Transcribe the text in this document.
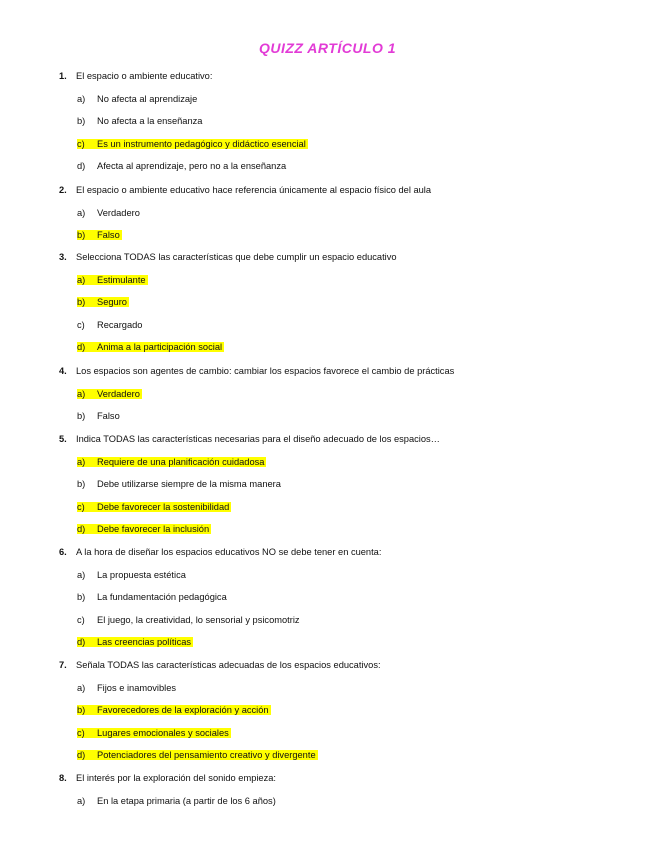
QUIZZ ARTÍCULO 1
1. El espacio o ambiente educativo:
a) No afecta al aprendizaje
b) No afecta a la enseñanza
c) Es un instrumento pedagógico y didáctico esencial
d) Afecta al aprendizaje, pero no a la enseñanza
2. El espacio o ambiente educativo hace referencia únicamente al espacio físico del aula
a) Verdadero
b) Falso
3. Selecciona TODAS las características que debe cumplir un espacio educativo
a) Estimulante
b) Seguro
c) Recargado
d) Anima a la participación social
4. Los espacios son agentes de cambio: cambiar los espacios favorece el cambio de prácticas
a) Verdadero
b) Falso
5. Indica TODAS las características necesarias para el diseño adecuado de los espacios…
a) Requiere de una planificación cuidadosa
b) Debe utilizarse siempre de la misma manera
c) Debe favorecer la sostenibilidad
d) Debe favorecer la inclusión
6. A la hora de diseñar los espacios educativos NO se debe tener en cuenta:
a) La propuesta estética
b) La fundamentación pedagógica
c) El juego, la creatividad, lo sensorial y psicomotriz
d) Las creencias políticas
7. Señala TODAS las características adecuadas de los espacios educativos:
a) Fijos e inamovibles
b) Favorecedores de la exploración y acción
c) Lugares emocionales y sociales
d) Potenciadores del pensamiento creativo y divergente
8. El interés por la exploración del sonido empieza:
a) En la etapa primaria (a partir de los 6 años)
